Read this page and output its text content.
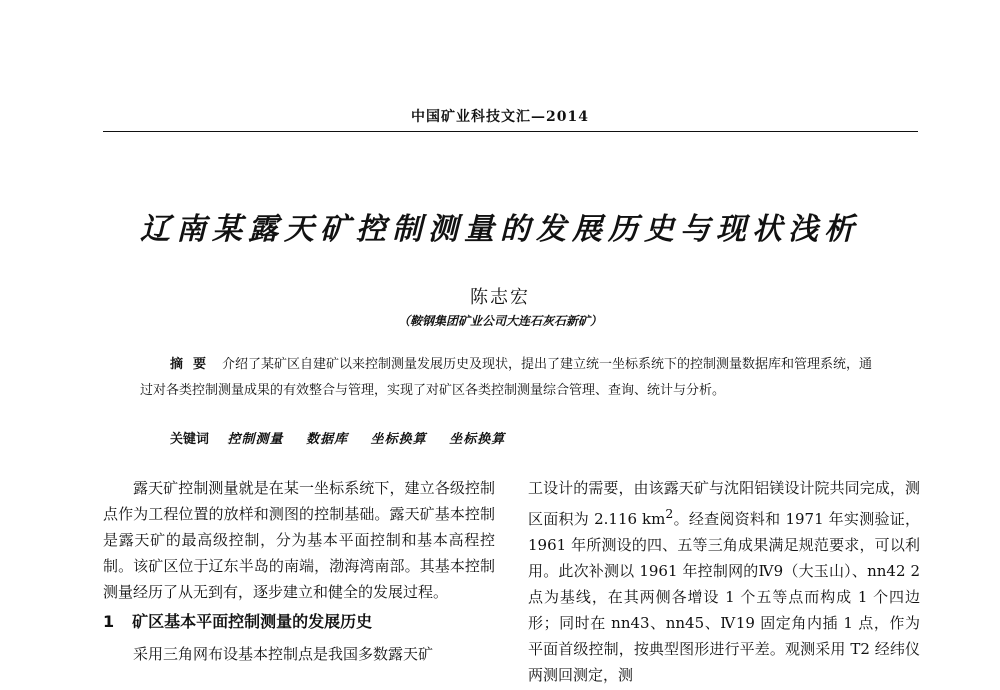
中国矿业科技文汇—2014
辽南某露天矿控制测量的发展历史与现状浅析
陈志宏
（鞍钢集团矿业公司大连石灰石新矿）
摘要 介绍了某矿区自建矿以来控制测量发展历史及现状，提出了建立统一坐标系统下的控制测量数据库和管理系统，通过对各类控制测量成果的有效整合与管理，实现了对矿区各类控制测量综合管理、查询、统计与分析。
关键词 控制测量 数据库 坐标换算 坐标换算

露天矿控制测量就是在某一坐标系统下，建立各级控制点作为工程位置的放样和测图的控制基础。露天矿基本控制是露天矿的最高级控制，分为基本平面控制和基本高程控制。该矿区位于辽东半岛的南端，渤海湾南部。其基本控制测量经历了从无到有，逐步建立和健全的发展过程。

1 矿区基本平面控制测量的发展历史

采用三角网布设基本控制点是我国多数露天矿

工设计的需要，由该露天矿与沈阳铝镁设计院共同完成，测区面积为 2.116 $km^2$。经查阅资料和 1971 年实测验证，1961 年所测设的四、五等三角成果满足规范要求，可以利用。此次补测以 1961 年控制网的Ⅳ9（大玉山）、nn42 2 点为基线，在其两侧各增设 1 个五等点而构成 1 个四边形；同时在 nn43、nn45、Ⅳ19 固定角内插 1 点，作为平面首级控制，按典型图形进行平差。观测采用 T2 经纬仪两测回测定，测
